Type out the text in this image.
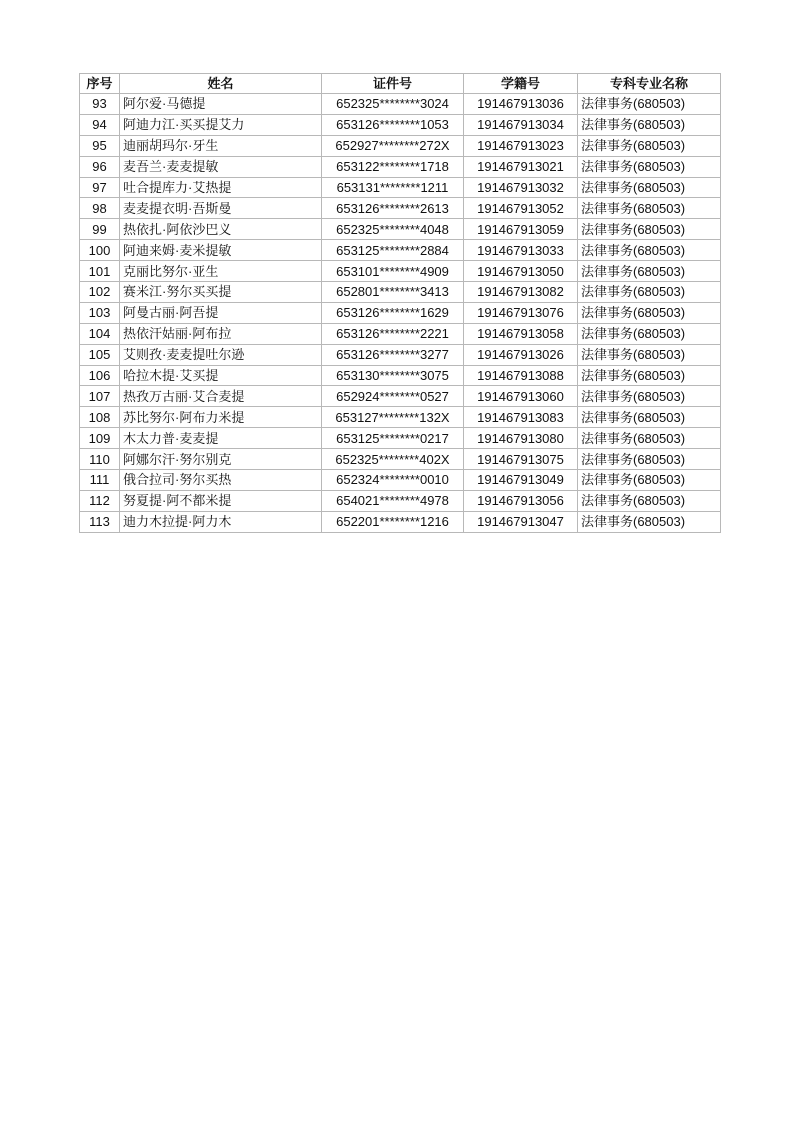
序号	姓名	证件号	学籍号	专科专业名称
93	阿尔爱·马德提	652325********3024	191467913036	法律事务(680503)
94	阿迪力江·买买提艾力	653126********1053	191467913034	法律事务(680503)
95	迪丽胡玛尔·牙生	652927********272X	191467913023	法律事务(680503)
96	麦吾兰·麦麦提敏	653122********1718	191467913021	法律事务(680503)
97	吐合提库力·艾热提	653131********1211	191467913032	法律事务(680503)
98	麦麦提衣明·吾斯曼	653126********2613	191467913052	法律事务(680503)
99	热依扎·阿依沙巴义	652325********4048	191467913059	法律事务(680503)
100	阿迪来姆·麦米提敏	653125********2884	191467913033	法律事务(680503)
101	克丽比努尔·亚生	653101********4909	191467913050	法律事务(680503)
102	赛米江·努尔买买提	652801********3413	191467913082	法律事务(680503)
103	阿曼古丽·阿吾提	653126********1629	191467913076	法律事务(680503)
104	热依汗姑丽·阿布拉	653126********2221	191467913058	法律事务(680503)
105	艾则孜·麦麦提吐尔逊	653126********3277	191467913026	法律事务(680503)
106	哈拉木提·艾买提	653130********3075	191467913088	法律事务(680503)
107	热孜万古丽·艾合麦提	652924********0527	191467913060	法律事务(680503)
108	苏比努尔·阿布力米提	653127********132X	191467913083	法律事务(680503)
109	木太力普·麦麦提	653125********0217	191467913080	法律事务(680503)
110	阿娜尔汗·努尔别克	652325********402X	191467913075	法律事务(680503)
111	俄合拉司·努尔买热	652324********0010	191467913049	法律事务(680503)
112	努夏提·阿不都米提	654021********4978	191467913056	法律事务(680503)
113	迪力木拉提·阿力木	652201********1216	191467913047	法律事务(680503)
